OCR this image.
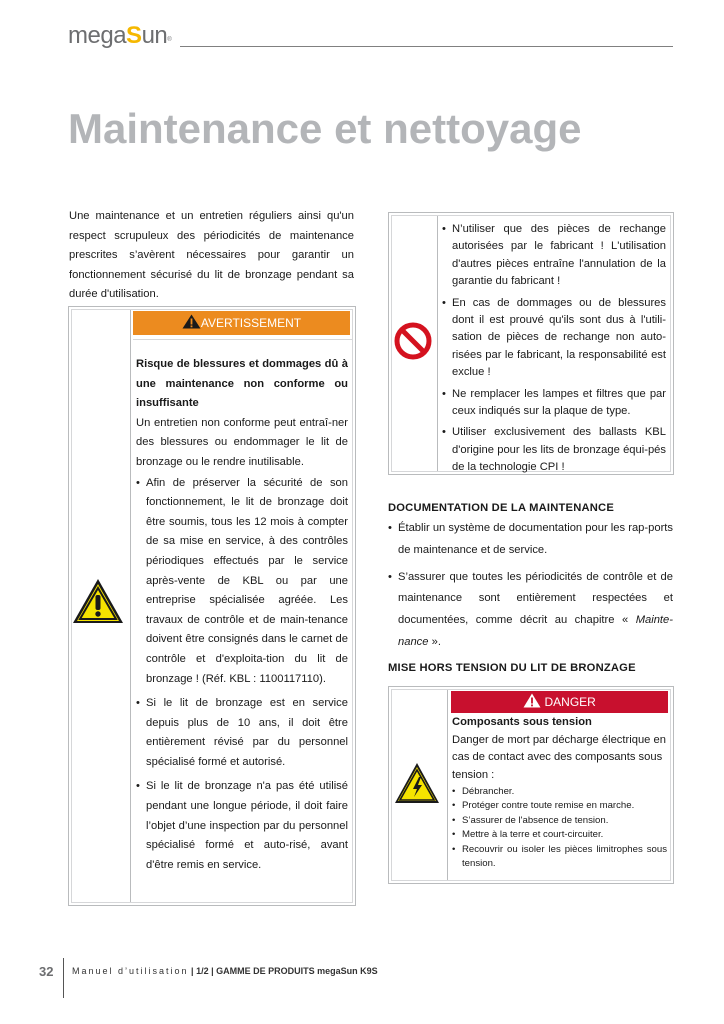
megaSun®
Maintenance et nettoyage
Une maintenance et un entretien réguliers ainsi qu'un respect scrupuleux des périodicités de maintenance prescrites s’avèrent nécessaires pour garantir un fonctionnement sécurisé du lit de bronzage pendant sa durée d'utilisation.
AVERTISSEMENT
Risque de blessures et dommages dû à une maintenance non conforme ou insuffisante
Un entretien non conforme peut entraî-ner des blessures ou endommager le lit de bronzage ou le rendre inutilisable.
• Afin de préserver la sécurité de son fonctionnement, le lit de bronzage doit être soumis, tous les 12 mois à compter de sa mise en service, à des contrôles périodiques effectués par le service après-vente de KBL ou par une entreprise spécialisée agréée. Les travaux de contrôle et de main-tenance doivent être consignés dans le carnet de contrôle et d'exploita-tion du lit de bronzage ! (Réf. KBL : 1100117110).
• Si le lit de bronzage est en service depuis plus de 10 ans, il doit être entièrement révisé par du personnel spécialisé formé et autorisé.
• Si le lit de bronzage n'a pas été utilisé pendant une longue période, il doit faire l’objet d’une inspection par du personnel spécialisé formé et auto-risé, avant d'être remis en service.
• N’utiliser que des pièces de rechange autorisées par le fabricant ! L'utilisation d'autres pièces entraîne l'annulation de la garantie du fabricant !
• En cas de dommages ou de blessures dont il est prouvé qu'ils sont dus à l'utili-sation de pièces de rechange non auto-risées par le fabricant, la responsabilité est exclue !
• Ne remplacer les lampes et filtres que par ceux indiqués sur la plaque de type.
• Utiliser exclusivement des ballasts KBL d'origine pour les lits de bronzage équi-pés de la technologie CPI !
DOCUMENTATION DE LA MAINTENANCE
• Établir un système de documentation pour les rap-ports de maintenance et de service.
• S’assurer que toutes les périodicités de contrôle et de maintenance sont entièrement respectées et documentées, comme décrit au chapitre « Mainte-nance ».
MISE HORS TENSION DU LIT DE BRONZAGE
DANGER
Composants sous tension
Danger de mort par décharge électrique en cas de contact avec des composants sous tension :
• Débrancher.
• Protéger contre toute remise en marche.
• S’assurer de l'absence de tension.
• Mettre à la terre et court-circuiter.
• Recouvrir ou isoler les pièces limitrophes sous tension.
32 Manuel d’utilisation | 1/2 | GAMME DE PRODUITS megaSun K9S
